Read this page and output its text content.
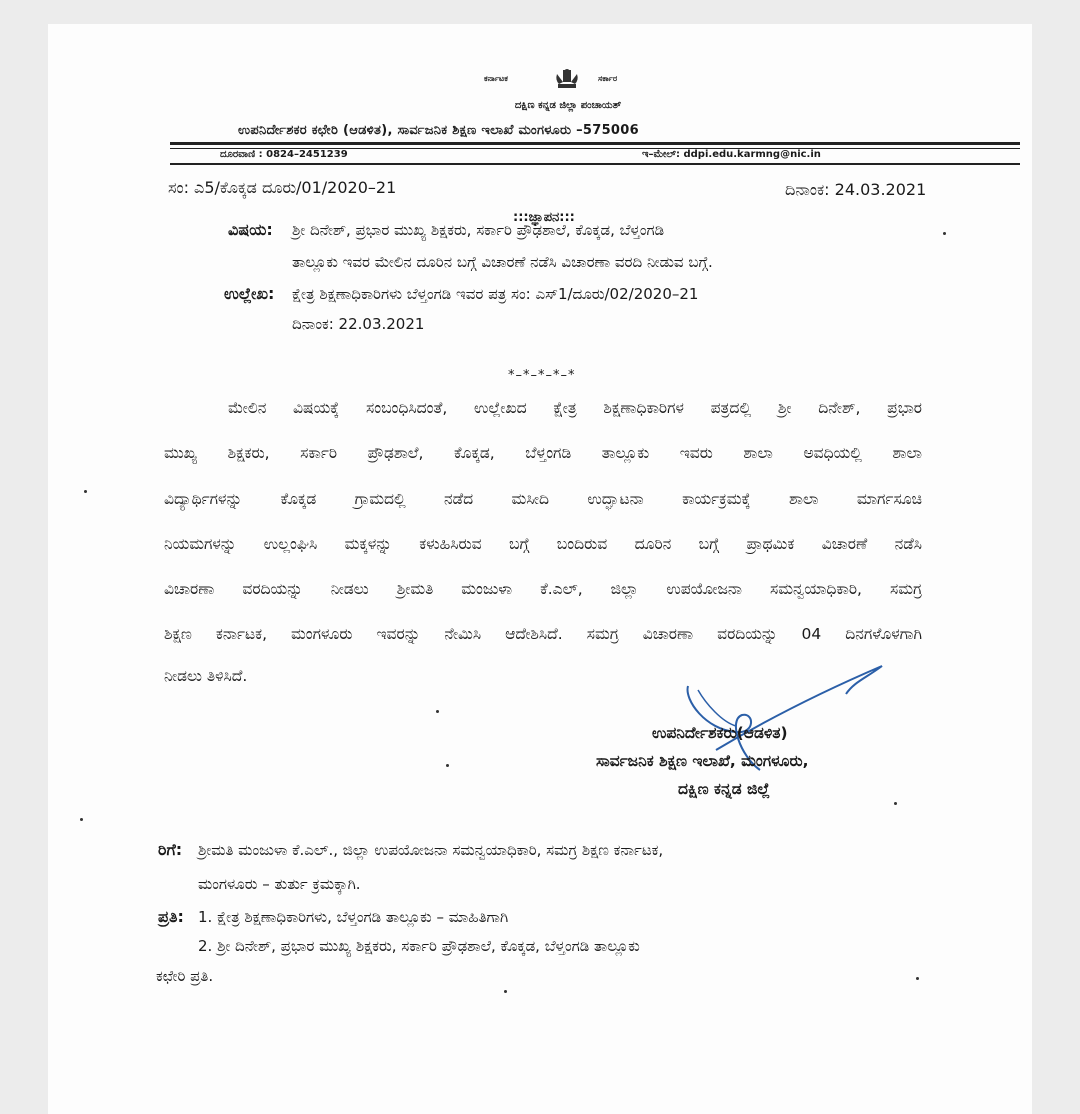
ಕರ್ನಾಟಕ	ಸರ್ಕಾರ
ದಕ್ಷಿಣ ಕನ್ನಡ ಜಿಲ್ಲಾ ಪಂಚಾಯತ್
ಉಪನಿರ್ದೇಶಕರ ಕಛೇರಿ (ಆಡಳಿತ), ಸಾರ್ವಜನಿಕ ಶಿಕ್ಷಣ ಇಲಾಖೆ ಮಂಗಳೂರು –575006
ದೂರವಾಣಿ : 0824–2451239	ಇ–ಮೇಲ್: ddpi.edu.karmng@nic.in
ಸಂ: ಎ5/ಕೊಕ್ಕಡ ದೂರು/01/2020–21	ದಿನಾಂಕ: 24.03.2021
:::ಜ್ಞಾಪನ:::
ವಿಷಯ: ಶ್ರೀ ದಿನೇಶ್, ಪ್ರಭಾರ ಮುಖ್ಯ ಶಿಕ್ಷಕರು, ಸರ್ಕಾರಿ ಪ್ರೌಢಶಾಲೆ, ಕೊಕ್ಕಡ, ಬೆಳ್ತಂಗಡಿ
ತಾಲ್ಲೂಕು ಇವರ ಮೇಲಿನ ದೂರಿನ ಬಗ್ಗೆ ವಿಚಾರಣೆ ನಡೆಸಿ ವಿಚಾರಣಾ ವರದಿ ನೀಡುವ ಬಗ್ಗೆ.
ಉಲ್ಲೇಖ: ಕ್ಷೇತ್ರ ಶಿಕ್ಷಣಾಧಿಕಾರಿಗಳು ಬೆಳ್ತಂಗಡಿ ಇವರ ಪತ್ರ ಸಂ: ಎಸ್1/ದೂರು/02/2020–21
ದಿನಾಂಕ: 22.03.2021
*–*–*–*–*
ಮೇಲಿನ ವಿಷಯಕ್ಕೆ ಸಂಬಂಧಿಸಿದಂತೆ, ಉಲ್ಲೇಖದ ಕ್ಷೇತ್ರ ಶಿಕ್ಷಣಾಧಿಕಾರಿಗಳ ಪತ್ರದಲ್ಲಿ ಶ್ರೀ ದಿನೇಶ್, ಪ್ರಭಾರ
ಮುಖ್ಯ ಶಿಕ್ಷಕರು, ಸರ್ಕಾರಿ ಪ್ರೌಢಶಾಲೆ, ಕೊಕ್ಕಡ, ಬೆಳ್ತಂಗಡಿ ತಾಲ್ಲೂಕು ಇವರು ಶಾಲಾ ಅವಧಿಯಲ್ಲಿ ಶಾಲಾ
ವಿದ್ಯಾರ್ಥಿಗಳನ್ನು ಕೊಕ್ಕಡ ಗ್ರಾಮದಲ್ಲಿ ನಡೆದ ಮಸೀದಿ ಉದ್ಘಾಟನಾ ಕಾರ್ಯಕ್ರಮಕ್ಕೆ ಶಾಲಾ ಮಾರ್ಗಸೂಚಿ
ನಿಯಮಗಳನ್ನು ಉಲ್ಲಂಘಿಸಿ ಮಕ್ಕಳನ್ನು ಕಳುಹಿಸಿರುವ ಬಗ್ಗೆ ಬಂದಿರುವ ದೂರಿನ ಬಗ್ಗೆ ಪ್ರಾಥಮಿಕ ವಿಚಾರಣೆ ನಡೆಸಿ
ವಿಚಾರಣಾ ವರದಿಯನ್ನು ನೀಡಲು ಶ್ರೀಮತಿ ಮಂಜುಳಾ ಕೆ.ಎಲ್, ಜಿಲ್ಲಾ ಉಪಯೋಜನಾ ಸಮನ್ವಯಾಧಿಕಾರಿ, ಸಮಗ್ರ
ಶಿಕ್ಷಣ ಕರ್ನಾಟಕ, ಮಂಗಳೂರು ಇವರನ್ನು ನೇಮಿಸಿ ಆದೇಶಿಸಿದೆ. ಸಮಗ್ರ ವಿಚಾರಣಾ ವರದಿಯನ್ನು 04 ದಿನಗಳೊಳಗಾಗಿ
ನೀಡಲು ತಿಳಿಸಿದೆ.
ಉಪನಿರ್ದೇಶಕರು(ಆಡಳಿತ)
ಸಾರ್ವಜನಿಕ ಶಿಕ್ಷಣ ಇಲಾಖೆ, ಮಂಗಳೂರು,
ದಕ್ಷಿಣ ಕನ್ನಡ ಜಿಲ್ಲೆ
ರಿಗೆ: ಶ್ರೀಮತಿ ಮಂಜುಳಾ ಕೆ.ಎಲ್., ಜಿಲ್ಲಾ ಉಪಯೋಜನಾ ಸಮನ್ವಯಾಧಿಕಾರಿ, ಸಮಗ್ರ ಶಿಕ್ಷಣ ಕರ್ನಾಟಕ,
ಮಂಗಳೂರು – ತುರ್ತು ಕ್ರಮಕ್ಕಾಗಿ.
ಪ್ರತಿ: 1. ಕ್ಷೇತ್ರ ಶಿಕ್ಷಣಾಧಿಕಾರಿಗಳು, ಬೆಳ್ತಂಗಡಿ ತಾಲ್ಲೂಕು – ಮಾಹಿತಿಗಾಗಿ
2. ಶ್ರೀ ದಿನೇಶ್, ಪ್ರಭಾರ ಮುಖ್ಯ ಶಿಕ್ಷಕರು, ಸರ್ಕಾರಿ ಪ್ರೌಢಶಾಲೆ, ಕೊಕ್ಕಡ, ಬೆಳ್ತಂಗಡಿ ತಾಲ್ಲೂಕು
ಕಛೇರಿ ಪ್ರತಿ.
